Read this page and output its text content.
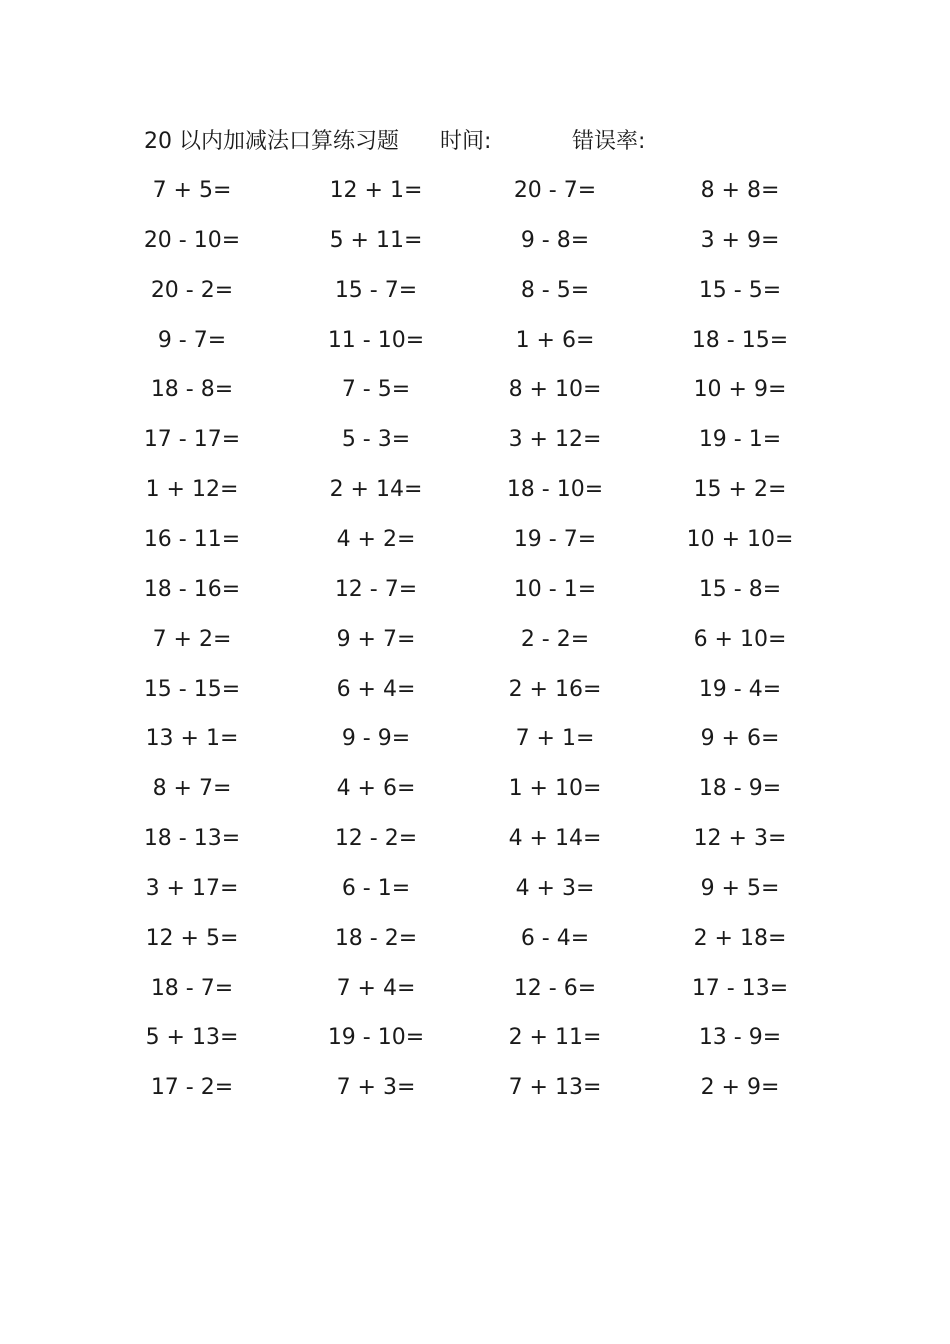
20 以内加减法口算练习题 时间:	错误率:
7 + 5=	12 + 1=	20 - 7=	8 + 8=
20 - 10=	5 + 11=	9 - 8=	3 + 9=
20 - 2=	15 - 7=	8 - 5=	15 - 5=
9 - 7=	11 - 10=	1 + 6=	18 - 15=
18 - 8=	7 - 5=	8 + 10=	10 + 9=
17 - 17=	5 - 3=	3 + 12=	19 - 1=
1 + 12=	2 + 14=	18 - 10=	15 + 2=
16 - 11=	4 + 2=	19 - 7=	10 + 10=
18 - 16=	12 - 7=	10 - 1=	15 - 8=
7 + 2=	9 + 7=	2 - 2=	6 + 10=
15 - 15=	6 + 4=	2 + 16=	19 - 4=
13 + 1=	9 - 9=	7 + 1=	9 + 6=
8 + 7=	4 + 6=	1 + 10=	18 - 9=
18 - 13=	12 - 2=	4 + 14=	12 + 3=
3 + 17=	6 - 1=	4 + 3=	9 + 5=
12 + 5=	18 - 2=	6 - 4=	2 + 18=
18 - 7=	7 + 4=	12 - 6=	17 - 13=
5 + 13=	19 - 10=	2 + 11=	13 - 9=
17 - 2=	7 + 3=	7 + 13=	2 + 9=
